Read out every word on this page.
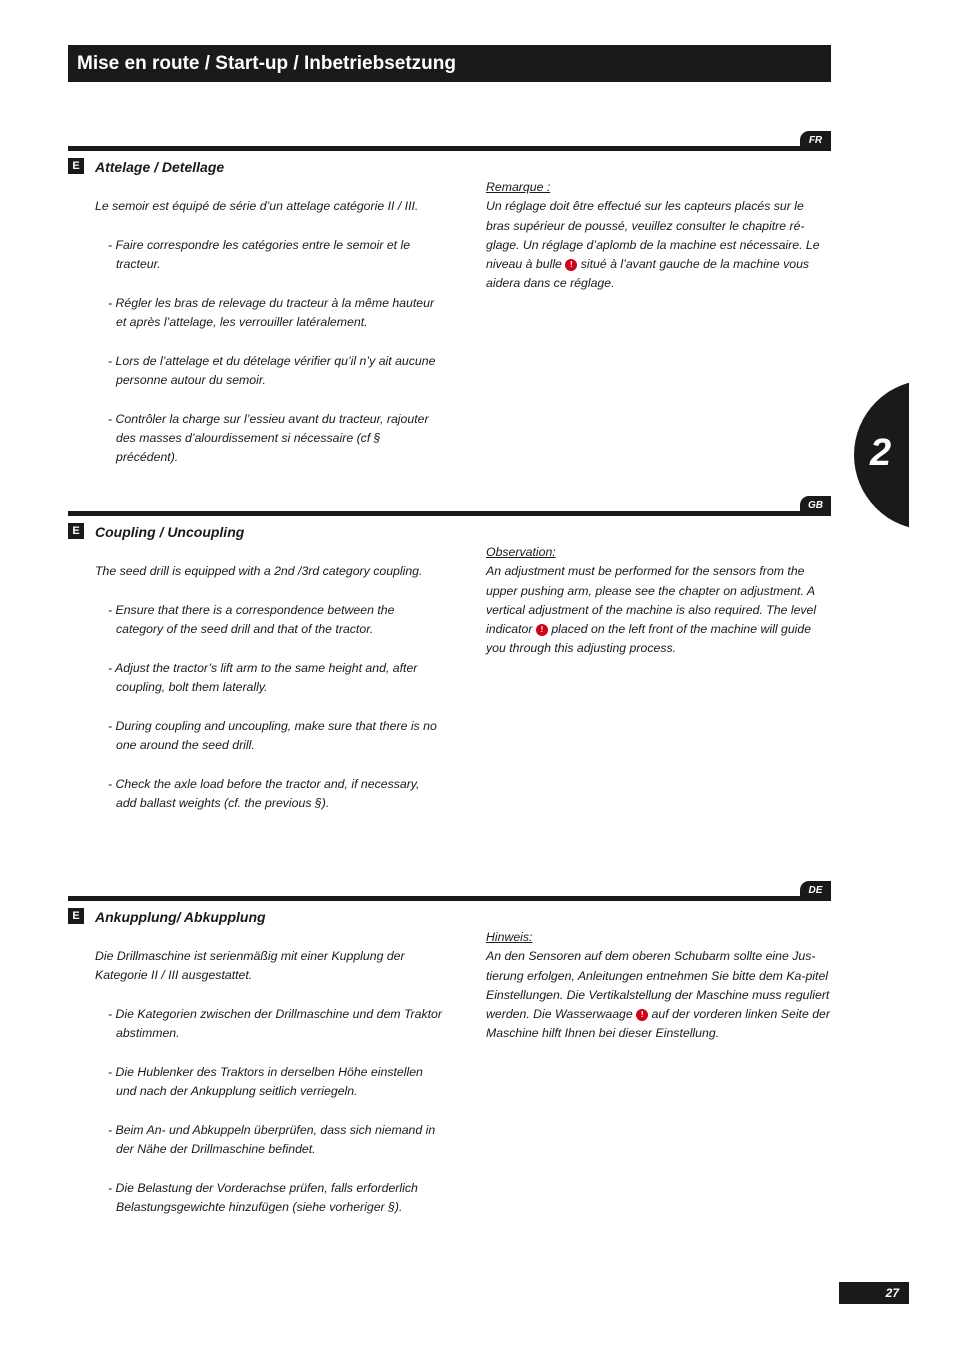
Mise en route / Start-up / Inbetriebsetzung
FR
E	Attelage / Detellage
Le semoir est équipé de série d’un attelage catégorie II / III.
- Faire correspondre les catégories entre le semoir et le tracteur.
- Régler les bras de relevage du tracteur à la même hauteur et après l’attelage, les verrouiller latéralement.
- Lors de l’attelage et du dételage vérifier qu’il n’y ait aucune personne autour du semoir.
- Contrôler la charge sur l’essieu avant du tracteur, rajouter des masses d’alourdissement si nécessaire (cf § précédent).
Remarque :
Un réglage doit être effectué sur les capteurs placés sur le bras supérieur de poussé, veuillez consulter le chapitre ré-glage. Un réglage d’aplomb de la machine est nécessaire. Le niveau à bulle ! situé à l’avant gauche de la machine vous aidera dans ce réglage.
GB
E	Coupling / Uncoupling
The seed drill is equipped with a 2nd /3rd category coupling.
- Ensure that there is a correspondence between the category of the seed drill and that of the tractor.
- Adjust the tractor’s lift arm to the same height and, after coupling, bolt them laterally.
- During coupling and uncoupling, make sure that there is no one around the seed drill.
- Check the axle load before the tractor and, if necessary, add ballast weights (cf. the previous §).
Observation:
An adjustment must be performed for the sensors from the upper pushing arm, please see the chapter on adjustment. A vertical adjustment of the machine is also required. The level indicator ! placed on the left front of the machine will guide you through this adjusting process.
DE
E	Ankupplung/ Abkupplung
Die Drillmaschine ist serienmäßig mit einer Kupplung der Kategorie II / III ausgestattet.
- Die Kategorien zwischen der Drillmaschine und dem Traktor abstimmen.
- Die Hublenker des Traktors in derselben Höhe einstellen und nach der Ankupplung seitlich verriegeln.
- Beim An- und Abkuppeln überprüfen, dass sich niemand in der Nähe der Drillmaschine befindet.
- Die Belastung der Vorderachse prüfen, falls erforderlich Belastungsgewichte hinzufügen (siehe vorheriger §).
Hinweis:
An den Sensoren auf dem oberen Schubarm sollte eine Jus-tierung erfolgen, Anleitungen entnehmen Sie bitte dem Ka-pitel Einstellungen. Die Vertikalstellung der Maschine muss reguliert werden. Die Wasserwaage ! auf der vorderen linken Seite der Maschine hilft Ihnen bei dieser Einstellung.
2
27
